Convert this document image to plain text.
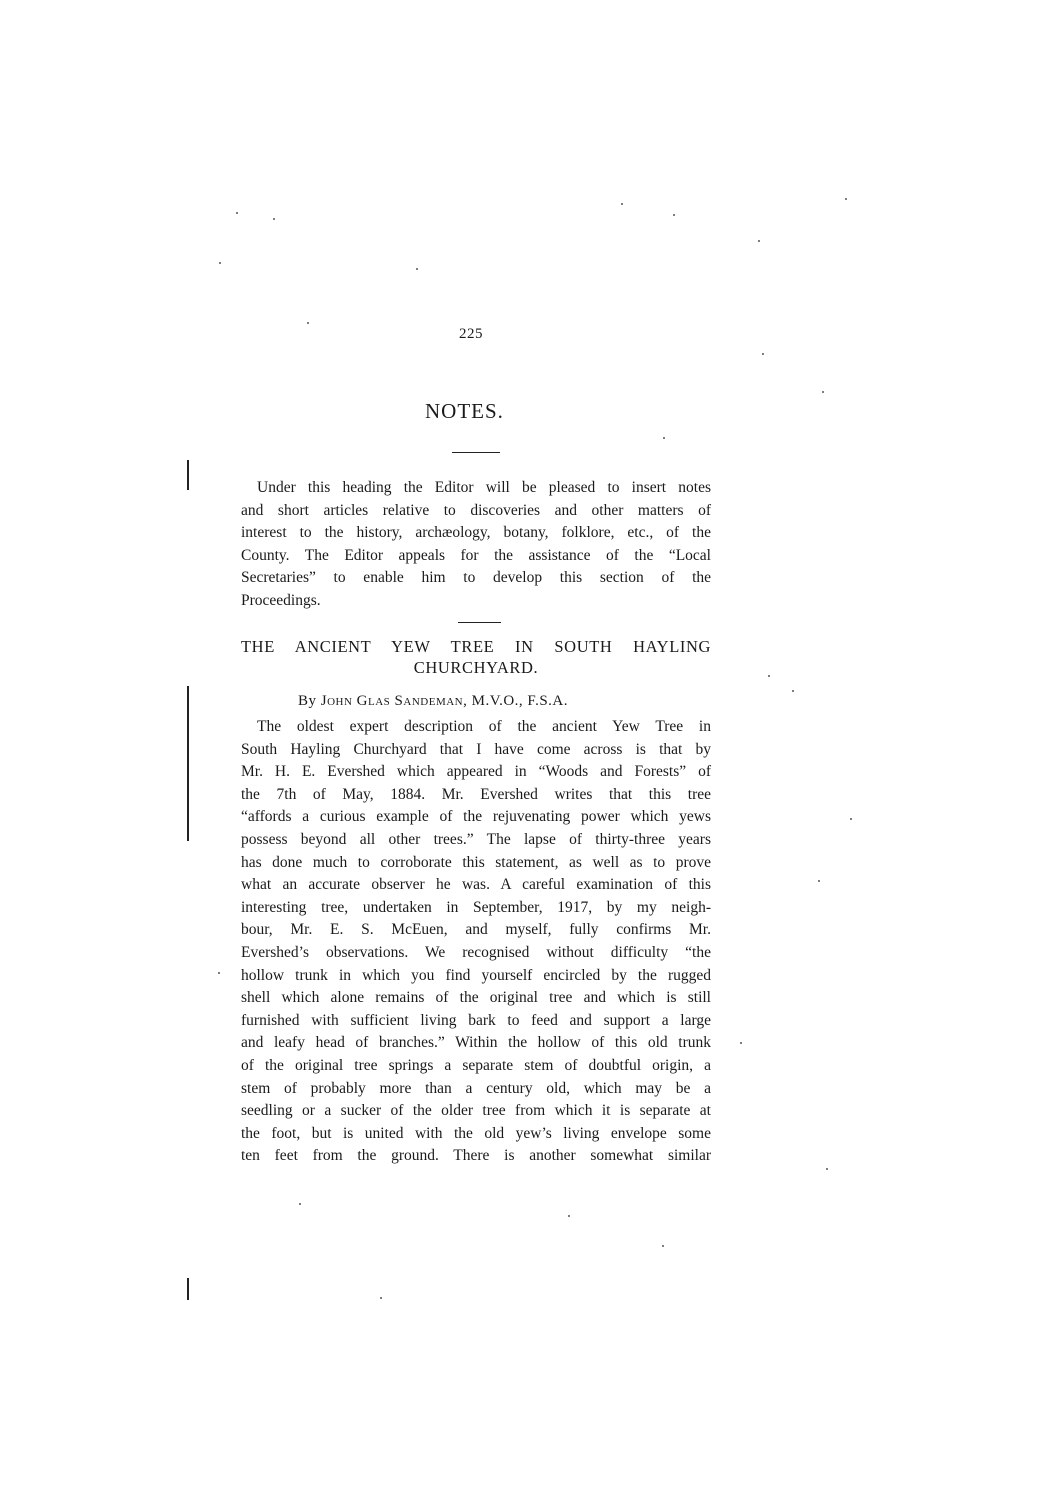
225
NOTES.
Under this heading the Editor will be pleased to insert notes
and short articles relative to discoveries and other matters of
interest to the history, archæology, botany, folklore, etc., of the
County. The Editor appeals for the assistance of the “Local
Secretaries” to enable him to develop this section of the
Proceedings.
THE ANCIENT YEW TREE IN SOUTH HAYLING
CHURCHYARD.
By John Glas Sandeman, M.V.O., F.S.A.
The oldest expert description of the ancient Yew Tree in
South Hayling Churchyard that I have come across is that by
Mr. H. E. Evershed which appeared in “Woods and Forests” of
the 7th of May, 1884. Mr. Evershed writes that this tree
“affords a curious example of the rejuvenating power which yews
possess beyond all other trees.” The lapse of thirty-three years
has done much to corroborate this statement, as well as to prove
what an accurate observer he was. A careful examination of this
interesting tree, undertaken in September, 1917, by my neigh-
bour, Mr. E. S. McEuen, and myself, fully confirms Mr.
Evershed’s observations. We recognised without difficulty “the
hollow trunk in which you find yourself encircled by the rugged
shell which alone remains of the original tree and which is still
furnished with sufficient living bark to feed and support a large
and leafy head of branches.” Within the hollow of this old trunk
of the original tree springs a separate stem of doubtful origin, a
stem of probably more than a century old, which may be a
seedling or a sucker of the older tree from which it is separate at
the foot, but is united with the old yew’s living envelope some
ten feet from the ground. There is another somewhat similar
